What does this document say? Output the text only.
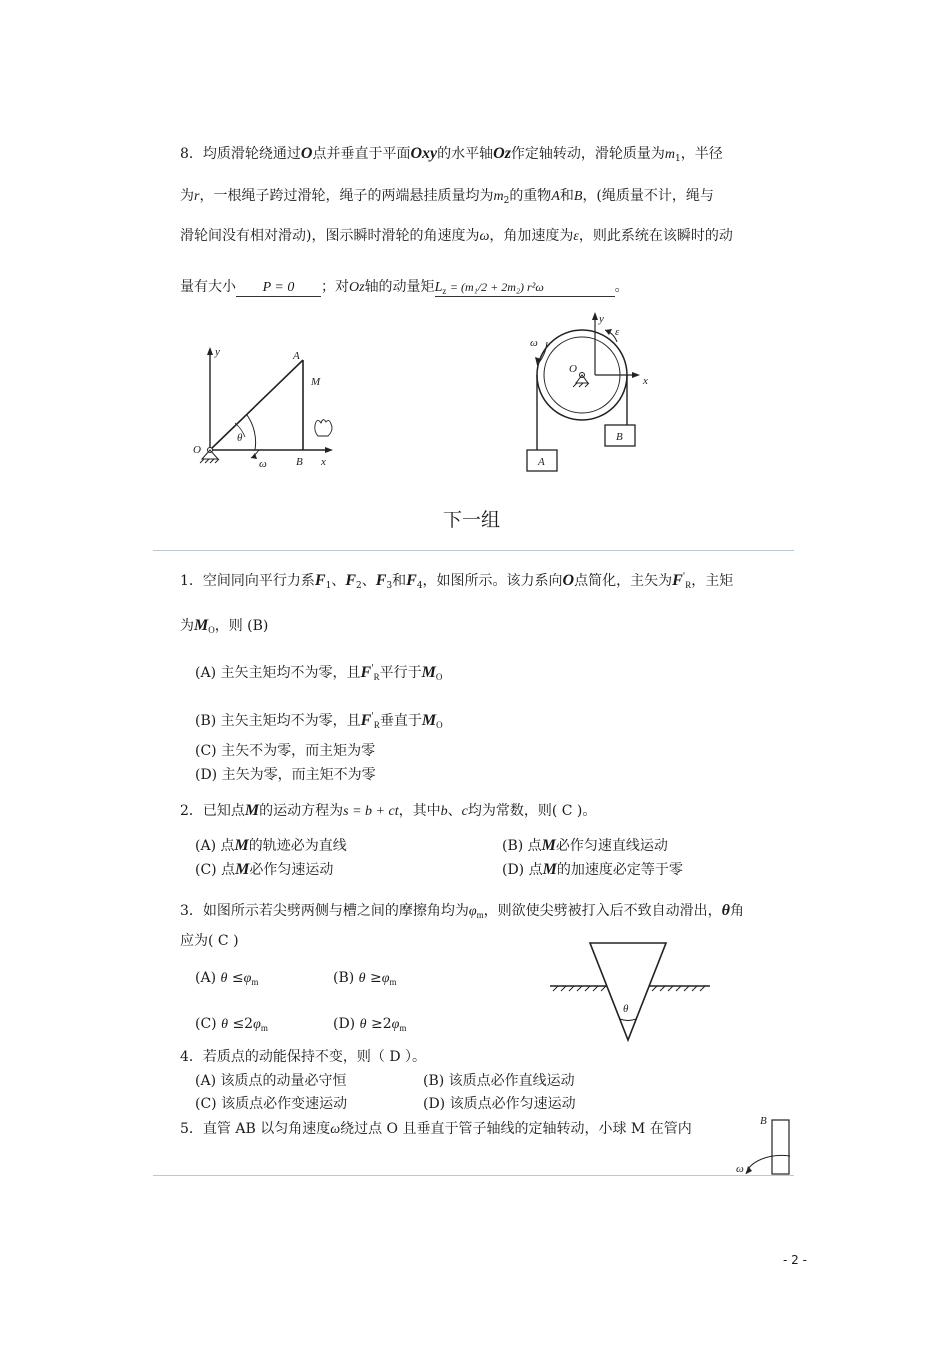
8．均质滑轮绕通过O点并垂直于平面Oxy的水平轴Oz作定轴转动，滑轮质量为$m_1$，半径
为r，一根绳子跨过滑轮，绳子的两端悬挂质量均为$m_2$的重物A和B，(绳质量不计，绳与
滑轮间没有相对滑动)，图示瞬时滑轮的角速度为ω，角加速度为ε，则此系统在该瞬时的动
量有大小 P = 0 ；对Oz轴的动量矩$L_z = (m_1/2 + 2m_2)$ r²ω	。
y	A
M
θ
O
ω	B x
y
ε
ω
O
x
A
B
下一组
1．空间同向平行力系$F_1$、$F_2$、$F_3$和$F_4$，如图所示。该力系向O点简化，主矢为$F'_R$，主矩
为$M_O$，则 (B)
(A) 主矢主矩均不为零，且$F'_R$平行于$M_O$
(B) 主矢主矩均不为零，且$F'_R$垂直于$M_O$
(C) 主矢不为零，而主矩为零
(D) 主矢为零，而主矩不为零
2．已知点M的运动方程为s = b + ct，其中b、c均为常数，则( C )。
(A) 点M的轨迹必为直线	(B) 点M必作匀速直线运动
(C) 点M必作匀速运动	(D) 点M的加速度必定等于零
3．如图所示若尖劈两侧与槽之间的摩擦角均为$\varphi_m$，则欲使尖劈被打入后不致自动滑出，θ角
应为( C )
(A) $\theta \le\varphi_m$	(B) $\theta \ge\varphi_m$
(C) $\theta \le 2\varphi_m$	(D) $\theta \ge 2\varphi_m$
θ
4．若质点的动能保持不变，则（ D ）。
(A) 该质点的动量必守恒	(B) 该质点必作直线运动
(C) 该质点必作变速运动	(D) 该质点必作匀速运动
5．直管 AB 以匀角速度ω绕过点 O 且垂直于管子轴线的定轴转动，小球 M 在管内	B
ω
- 2 -
